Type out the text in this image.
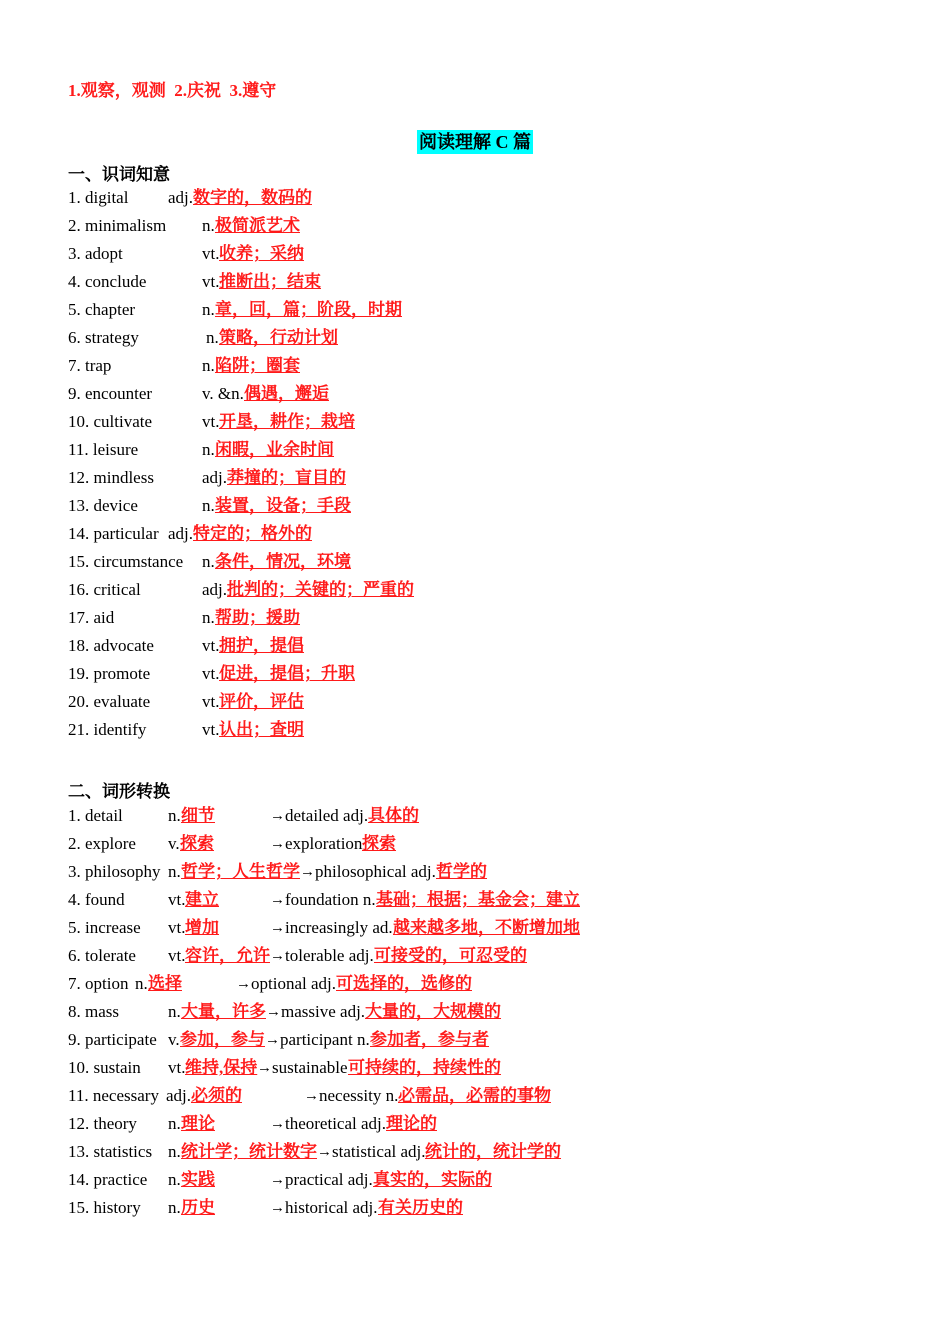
1.观察，观测  2.庆祝  3.遵守
阅读理解 C 篇
一、识词知意
1. digital adj. 数字的，数码的
2. minimalism n. 极简派艺术
3. adopt	vt. 收养；采纳
4. conclude	vt. 推断出；结束
5. chapter	n. 章，回，篇；阶段，时期
6. strategy	n. 策略，行动计划
7. trap	n. 陷阱；圈套
9. encounter	v. &n. 偶遇，邂逅
10. cultivate	vt. 开垦，耕作；栽培
11. leisure	n. 闲暇，业余时间
12. mindless	adj. 莽撞的；盲目的
13. device	n. 装置，设备；手段
14. particular adj. 特定的；格外的
15. circumstance n. 条件，情况，环境
16. critical	adj. 批判的；关键的；严重的
17. aid	n. 帮助；援助
18. advocate	vt. 拥护，提倡
19. promote	vt. 促进，提倡；升职
20. evaluate	vt. 评价，评估
21. identify	vt. 认出；查明
二、词形转换
1. detail	n. 细节	→ detailed adj. 具体的
2. explore v. 探索	→ exploration 探索
3. philosophy n. 哲学；人生哲学 → philosophical adj. 哲学的
4. found	vt. 建立	→ foundation n. 基础；根据；基金会；建立
5. increase vt. 增加	→ increasingly ad. 越来越多地，不断增加地
6. tolerate vt. 容许，允许 → tolerable adj. 可接受的，可忍受的
7. option n. 选择	→ optional adj. 可选择的，选修的
8. mass	n. 大量，许多 → massive adj. 大量的，大规模的
9. participate v. 参加，参与 → participant n. 参加者，参与者
10. sustain vt. 维持,保持 → sustainable 可持续的，持续性的
11. necessary adj. 必须的	→ necessity n. 必需品，必需的事物
12. theory n. 理论	→ theoretical adj. 理论的
13. statistics n. 统计学；统计数字 → statistical adj. 统计的，统计学的
14. practice n. 实践	→ practical adj. 真实的，实际的
15. history n. 历史	→ historical adj. 有关历史的
